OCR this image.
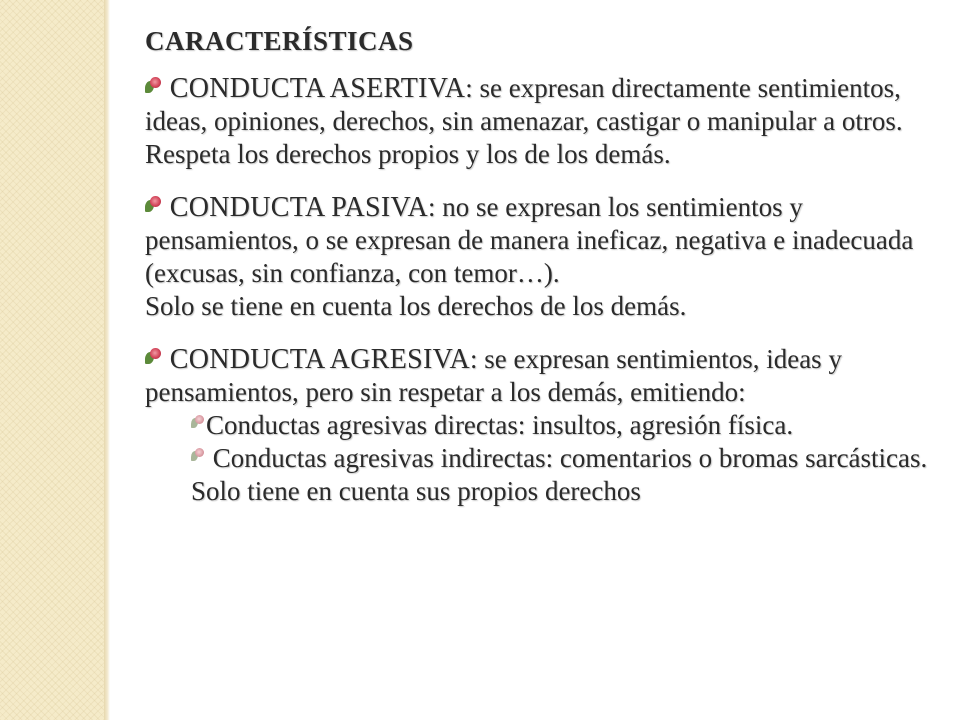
CARACTERÍSTICAS
CONDUCTA ASERTIVA: se expresan directamente sentimientos, ideas, opiniones, derechos, sin amenazar, castigar o manipular a otros.
Respeta los derechos propios y los de los demás.
CONDUCTA PASIVA: no se expresan los sentimientos y pensamientos, o se expresan de manera ineficaz, negativa e inadecuada (excusas, sin confianza, con temor…).
Solo se tiene en cuenta los derechos de los demás.
CONDUCTA AGRESIVA: se expresan sentimientos, ideas y pensamientos, pero sin respetar a los demás, emitiendo:
Conductas agresivas directas: insultos, agresión física.
Conductas agresivas indirectas: comentarios o bromas sarcásticas.
Solo tiene en cuenta sus propios derechos
